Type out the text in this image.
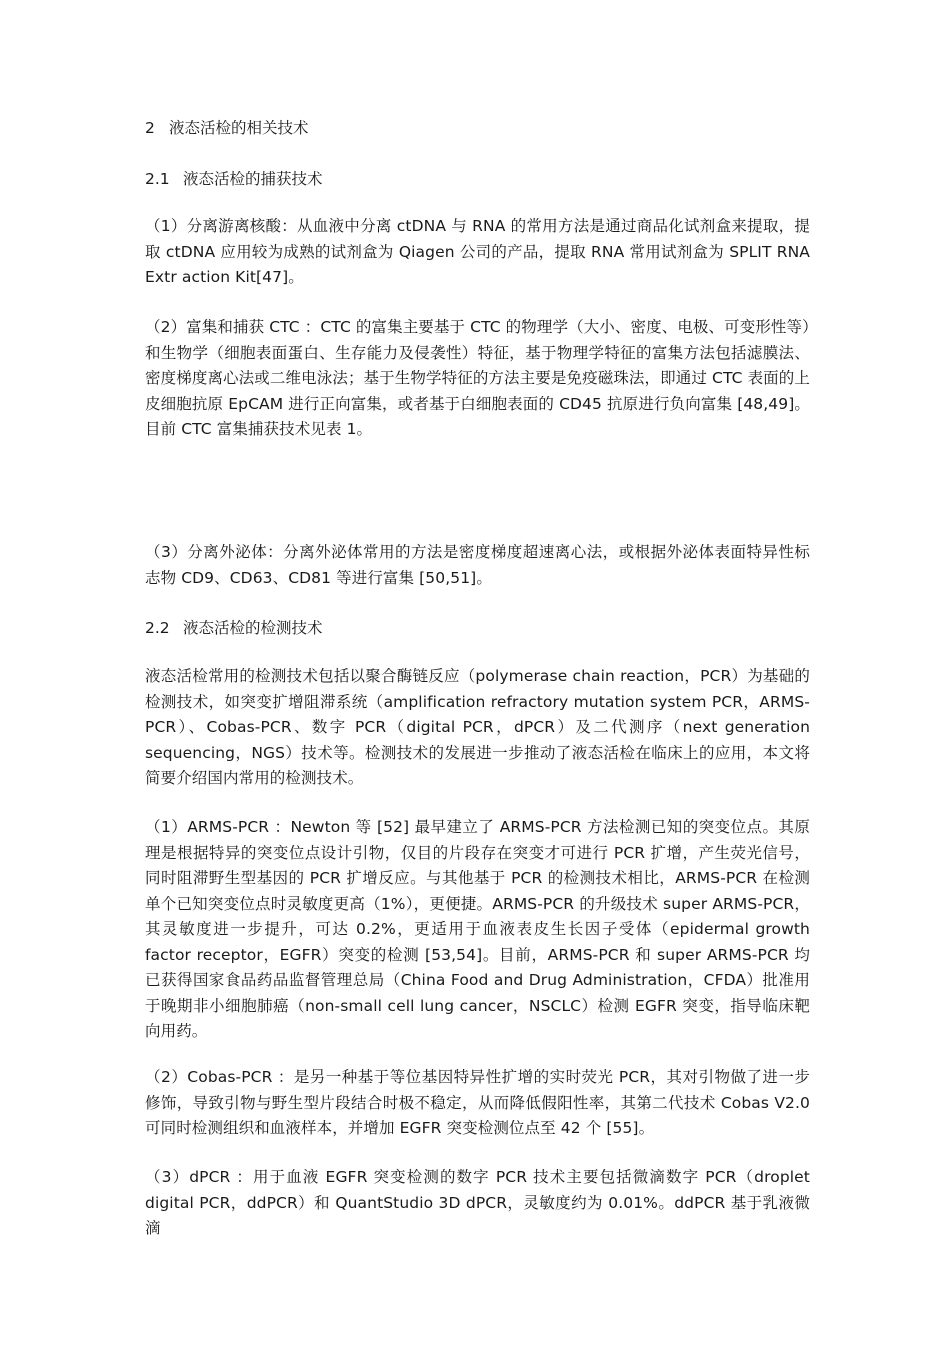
2 液态活检的相关技术

2.1 液态活检的捕获技术

（1）分离游离核酸：从血液中分离 ctDNA 与 RNA 的常用方法是通过商品化试剂盒来提取，提取 ctDNA 应用较为成熟的试剂盒为 Qiagen 公司的产品，提取 RNA 常用试剂盒为 SPLIT RNA Extr action Kit[47]。

（2）富集和捕获 CTC ：CTC 的富集主要基于 CTC 的物理学（大小、密度、电极、可变形性等）和生物学（细胞表面蛋白、生存能力及侵袭性）特征，基于物理学特征的富集方法包括滤膜法、密度梯度离心法或二维电泳法；基于生物学特征的方法主要是免疫磁珠法，即通过 CTC 表面的上皮细胞抗原 EpCAM 进行正向富集，或者基于白细胞表面的 CD45 抗原进行负向富集 [48,49]。目前 CTC 富集捕获技术见表 1。

（3）分离外泌体：分离外泌体常用的方法是密度梯度超速离心法，或根据外泌体表面特异性标志物 CD9、CD63、CD81 等进行富集 [50,51]。

2.2 液态活检的检测技术

液态活检常用的检测技术包括以聚合酶链反应（polymerase chain reaction，PCR）为基础的检测技术，如突变扩增阻滞系统（amplification refractory mutation system PCR，ARMS-PCR）、Cobas-PCR、数字 PCR（digital PCR，dPCR）及二代测序（next generation sequencing，NGS）技术等。检测技术的发展进一步推动了液态活检在临床上的应用，本文将简要介绍国内常用的检测技术。

（1）ARMS-PCR ：Newton 等 [52] 最早建立了 ARMS-PCR 方法检测已知的突变位点。其原理是根据特异的突变位点设计引物，仅目的片段存在突变才可进行 PCR 扩增，产生荧光信号，同时阻滞野生型基因的 PCR 扩增反应。与其他基于 PCR 的检测技术相比，ARMS-PCR 在检测单个已知突变位点时灵敏度更高（1%），更便捷。ARMS-PCR 的升级技术 super ARMS-PCR，其灵敏度进一步提升，可达 0.2%，更适用于血液表皮生长因子受体（epidermal growth factor receptor，EGFR）突变的检测 [53,54]。目前，ARMS-PCR 和 super ARMS-PCR 均已获得国家食品药品监督管理总局（China Food and Drug Administration，CFDA）批准用于晚期非小细胞肺癌（non-small cell lung cancer，NSCLC）检测 EGFR 突变，指导临床靶向用药。

（2）Cobas-PCR ：是另一种基于等位基因特异性扩增的实时荧光 PCR，其对引物做了进一步修饰，导致引物与野生型片段结合时极不稳定，从而降低假阳性率，其第二代技术 Cobas V2.0 可同时检测组织和血液样本，并增加 EGFR 突变检测位点至 42 个 [55]。

（3）dPCR ：用于血液 EGFR 突变检测的数字 PCR 技术主要包括微滴数字 PCR（droplet digital PCR，ddPCR）和 QuantStudio 3D dPCR，灵敏度约为 0.01%。ddPCR 基于乳液微滴
